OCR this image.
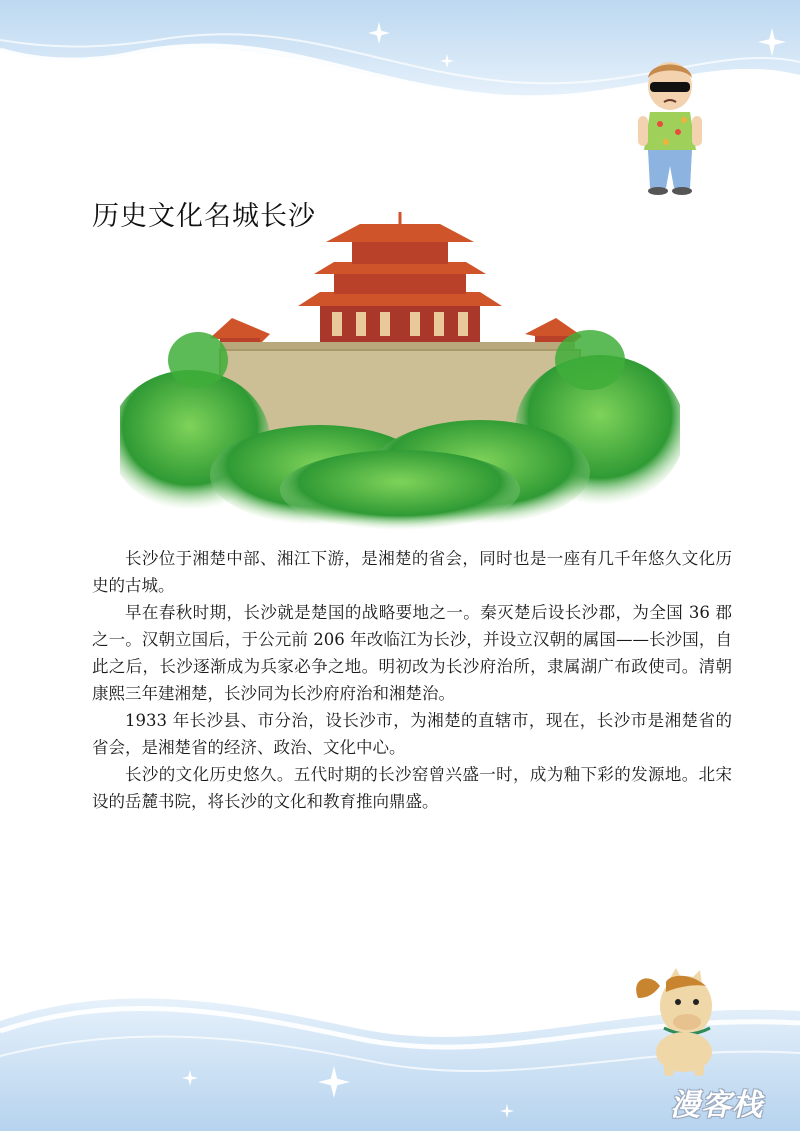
历史文化名城长沙

长沙位于湘楚中部、湘江下游，是湘楚的省会，同时也是一座有几千年悠久文化历史的古城。

早在春秋时期，长沙就是楚国的战略要地之一。秦灭楚后设长沙郡，为全国 36 郡之一。汉朝立国后，于公元前 206 年改临江为长沙，并设立汉朝的属国——长沙国，自此之后，长沙逐渐成为兵家必争之地。明初改为长沙府治所，隶属湖广布政使司。清朝康熙三年建湘楚，长沙同为长沙府府治和湘楚治。

1933 年长沙县、市分治，设长沙市，为湘楚的直辖市，现在，长沙市是湘楚省的省会，是湘楚省的经济、政治、文化中心。

长沙的文化历史悠久。五代时期的长沙窑曾兴盛一时，成为釉下彩的发源地。北宋设的岳麓书院，将长沙的文化和教育推向鼎盛。

漫客栈
